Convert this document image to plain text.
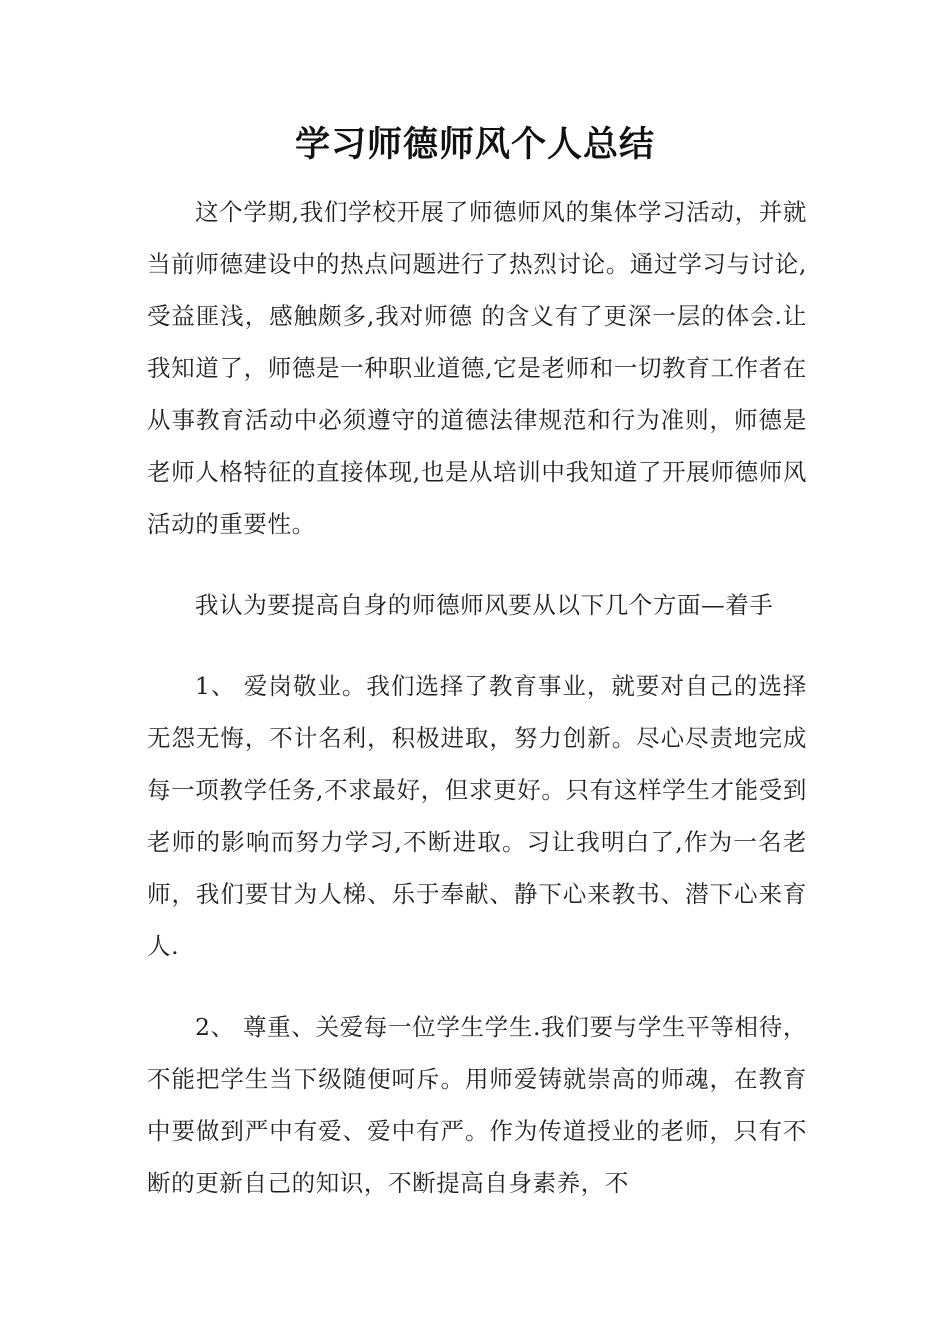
学习师德师风个人总结

这个学期,我们学校开展了师德师风的集体学习活动，并就当前师德建设中的热点问题进行了热烈讨论。通过学习与讨论,受益匪浅，感触颇多,我对师德 的含义有了更深一层的体会.让我知道了，师德是一种职业道德,它是老师和一切教育工作者在从事教育活动中必须遵守的道德法律规范和行为准则，师德是老师人格特征的直接体现,也是从培训中我知道了开展师德师风活动的重要性。

我认为要提高自身的师德师风要从以下几个方面—着手

1、 爱岗敬业。我们选择了教育事业，就要对自己的选择无怨无悔，不计名利，积极进取，努力创新。尽心尽责地完成 每一项教学任务,不求最好，但求更好。只有这样学生才能受到老师的影响而努力学习,不断进取。习让我明白了,作为一名老师，我们要甘为人梯、乐于奉献、静下心来教书、潜下心来育人.

2、 尊重、关爱每一位学生学生.我们要与学生平等相待，不能把学生当下级随便呵斥。用师爱铸就崇高的师魂，在教育中要做到严中有爱、爱中有严。作为传道授业的老师，只有不断的更新自己的知识，不断提高自身素养，不
